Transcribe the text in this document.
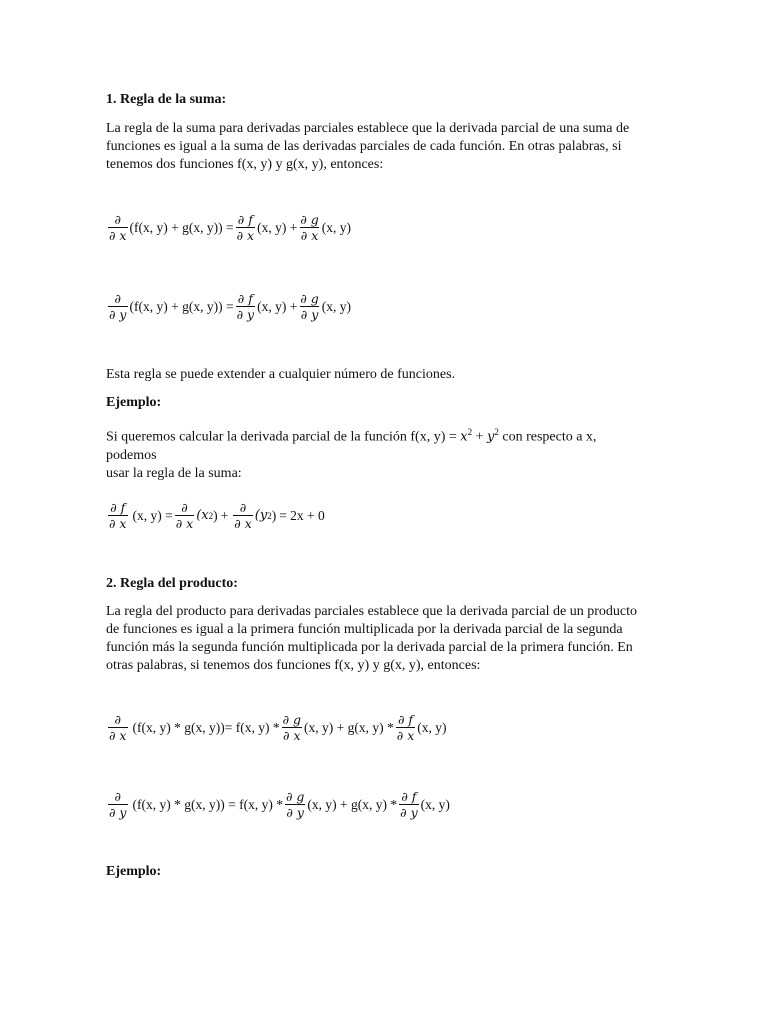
1. Regla de la suma:

La regla de la suma para derivadas parciales establece que la derivada parcial de una suma de funciones es igual a la suma de las derivadas parciales de cada función. En otras palabras, si tenemos dos funciones f(x, y) y g(x, y), entonces:

$\frac{\partial}{\partial x} (f(x$, y) + g(x, $y)) = \frac{\partial f}{\partial x} (x$, $y) + \frac{\partial g}{\partial x} (x$, y)
$\frac{\partial}{\partial y} (f(x$, y) + g(x, $y)) = \frac{\partial f}{\partial y} (x$, $y) + \frac{\partial g}{\partial y} (x$, y)
Esta regla se puede extender a cualquier número de funciones.
Ejemplo:
Si queremos calcular la derivada parcial de la función f(x, $y) = x^2 + y^2$ con respecto a x, podemos
usar la regla de la suma:
$\frac{\partial f}{\partial x} (x$, $y) = \frac{\partial}{\partial x} (x$ 2 ) + $\frac{\partial}{\partial x} (y$ 2 ) = 2x + 0
2. Regla del producto:

La regla del producto para derivadas parciales establece que la derivada parcial de un producto de funciones es igual a la primera función multiplicada por la derivada parcial de la segunda función más la segunda función multiplicada por la derivada parcial de la primera función. En otras palabras, si tenemos dos funciones f(x, y) y g(x, y), entonces:

$\frac{\partial}{\partial x} (f(x$, y) * g(x, y))= f(x, $y) * \frac{\partial g}{\partial x} (x$, y) + g(x, $y) * \frac{\partial f}{\partial x} (x$, y)
$\frac{\partial}{\partial y} (f(x$, y) * g(x, y)) = f(x, $y) * \frac{\partial g}{\partial y} (x$, y) + g(x, $y) * \frac{\partial f}{\partial y} (x$, y)
Ejemplo:
